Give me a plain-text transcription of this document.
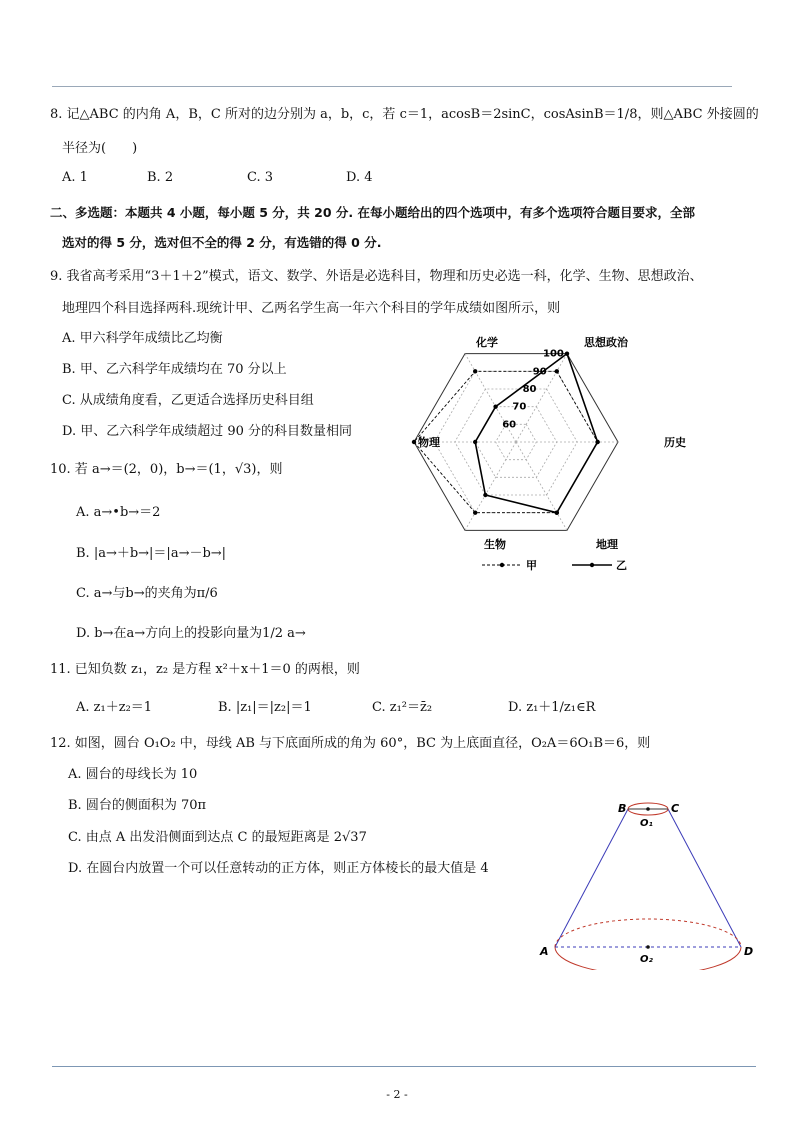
8. 记△ABC 的内角 A，B，C 所对的边分别为 a，b，c，若 c＝1，acosB＝2sinC，cosAsinB＝1/8，则△ABC 外接圆的
半径为(　　)
A. 1	B. 2	C. 3	D. 4
二、多选题：本题共 4 小题，每小题 5 分，共 20 分. 在每小题给出的四个选项中，有多个选项符合题目要求，全部
选对的得 5 分，选对但不全的得 2 分，有选错的得 0 分.
9. 我省高考采用“3＋1＋2”模式，语文、数学、外语是必选科目，物理和历史必选一科，化学、生物、思想政治、
地理四个科目选择两科.现统计甲、乙两名学生高一年六个科目的学年成绩如图所示，则
A. 甲六科学年成绩比乙均衡
B. 甲、乙六科学年成绩均在 70 分以上
C. 从成绩角度看，乙更适合选择历史科目组
D. 甲、乙六科学年成绩超过 90 分的科目数量相同
100
90
80
70
60
思想政治
历史
地理
生物
物理
化学
甲	乙
10. 若 a→＝(2，0)，b→＝(1，√3)，则
A. a→•b→＝2
B. |a→＋b→|＝|a→－b→|
C. a→与b→的夹角为π/6
D. b→在a→方向上的投影向量为1/2 a→
11. 已知负数 z₁，z₂ 是方程 x²＋x＋1＝0 的两根，则
A. z₁＋z₂＝1	B. |z₁|＝|z₂|＝1	C. z₁²＝z̄₂	D. z₁＋1/z₁∈R
12. 如图，圆台 O₁O₂ 中，母线 AB 与下底面所成的角为 60°，BC 为上底面直径，O₂A＝6O₁B＝6，则
A. 圆台的母线长为 10
B. 圆台的侧面积为 70π
C. 由点 A 出发沿侧面到达点 C 的最短距离是 2√37
D. 在圆台内放置一个可以任意转动的正方体，则正方体棱长的最大值是 4
B	C
O₁
A	D
O₂
- 2 -
